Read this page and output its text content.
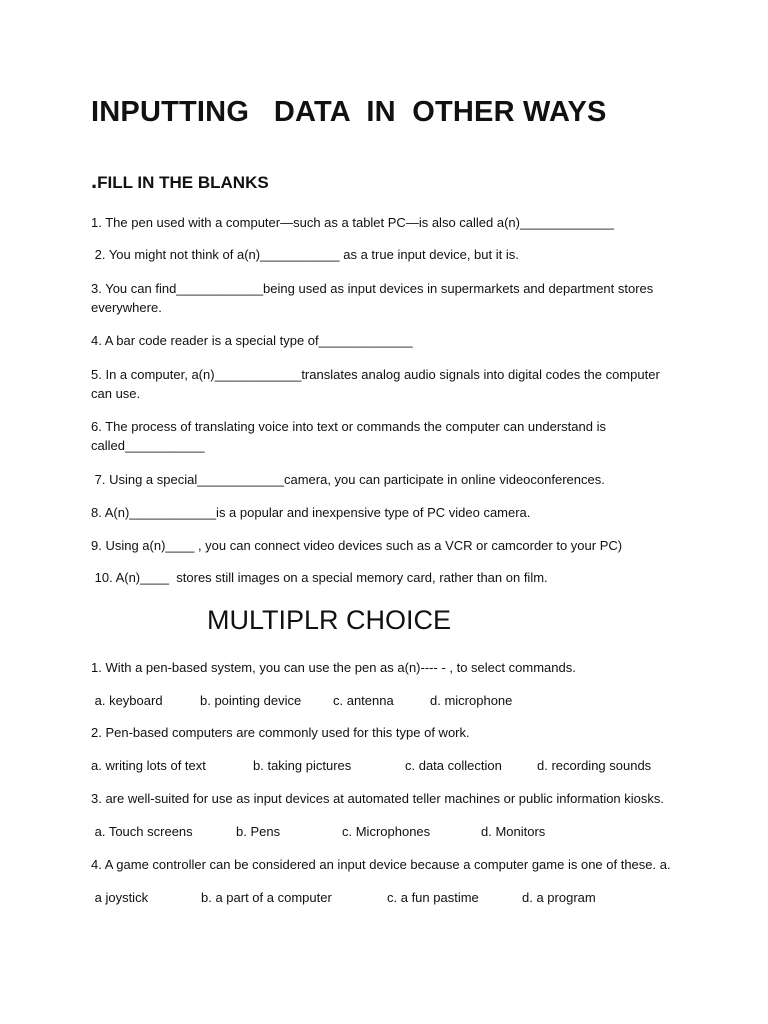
INPUTTING   DATA  IN  OTHER WAYS
.FILL IN THE BLANKS

1. The pen used with a computer—such as a tablet PC—is also called a(n)_____________

2. You might not think of a(n)___________ as a true input device, but it is.

3. You can find____________being used as input devices in supermarkets and department stores everywhere.

4. A bar code reader is a special type of_____________

5. In a computer, a(n)____________translates analog audio signals into digital codes the computer can use.

6. The process of translating voice into text or commands the computer can understand is called___________

7. Using a special____________camera, you can participate in online videoconferences.

8. A(n)____________is a popular and inexpensive type of PC video camera.

9. Using a(n)____ , you can connect video devices such as a VCR or camcorder to your PC)

10. A(n)____  stores still images on a special memory card, rather than on film.

MULTIPLR CHOICE

1. With a pen-based system, you can use the pen as a(n)---- - , to select commands.

a. keyboard	b. pointing device c. antenna	d. microphone

2. Pen-based computers are commonly used for this type of work.

a. writing lots of text	b. taking pictures	c. data collection	d. recording sounds

3. are well-suited for use as input devices at automated teller machines or public information kiosks.

a. Touch screens	b. Pens	c. Microphones	d. Monitors

4. A game controller can be considered an input device because a computer game is one of these. a.

a joystick	b. a part of a computer	c. a fun pastime	d. a program
